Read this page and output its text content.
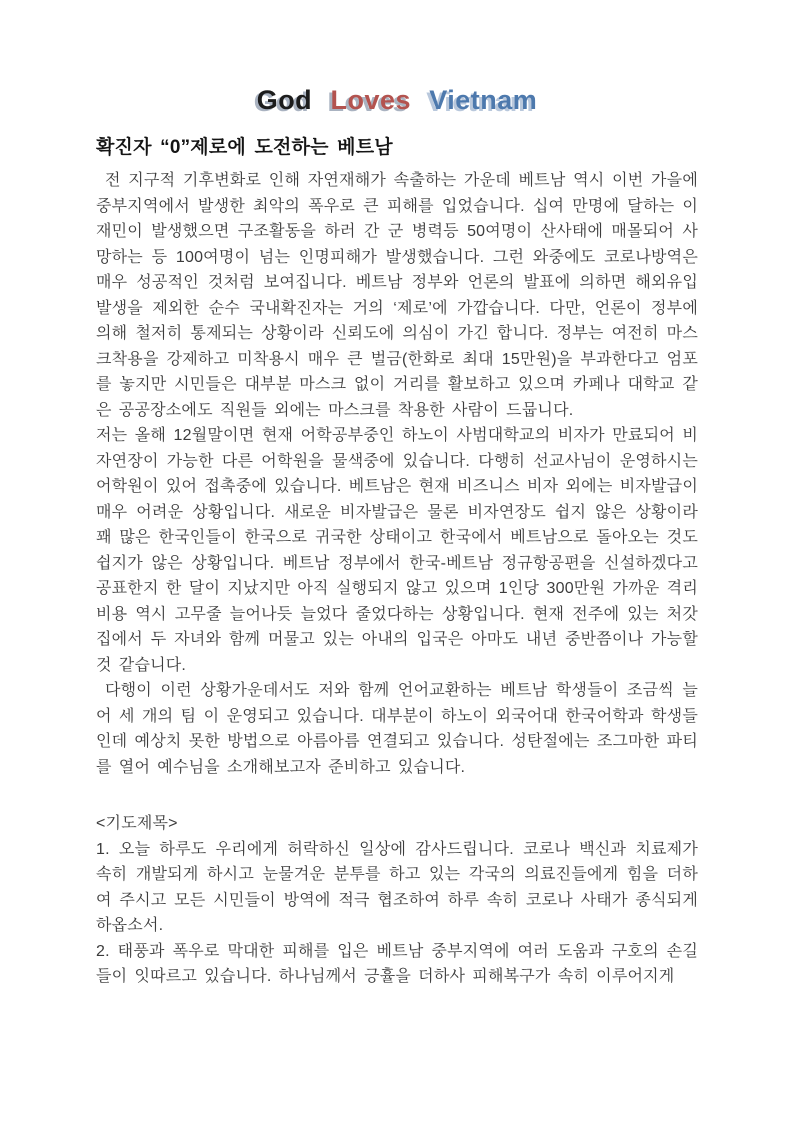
God Loves Vietnam
확진자 “0”제로에 도전하는 베트남

전 지구적 기후변화로 인해 자연재해가 속출하는 가운데 베트남 역시 이번 가을에 중부지역에서 발생한 최악의 폭우로 큰 피해를 입었습니다. 십여 만명에 달하는 이재민이 발생했으면 구조활동을 하러 간 군 병력등 50여명이 산사태에 매몰되어 사망하는 등 100여명이 넘는 인명피해가 발생했습니다. 그런 와중에도 코로나방역은 매우 성공적인 것처럼 보여집니다. 베트남 정부와 언론의 발표에 의하면 해외유입 발생을 제외한 순수 국내확진자는 거의 ‘제로’에 가깝습니다. 다만, 언론이 정부에 의해 철저히 통제되는 상황이라 신뢰도에 의심이 가긴 합니다. 정부는 여전히 마스크착용을 강제하고 미착용시 매우 큰 벌금(한화로 최대 15만원)을 부과한다고 엄포를 놓지만 시민들은 대부분 마스크 없이 거리를 활보하고 있으며 카페나 대학교 같은 공공장소에도 직원들 외에는 마스크를 착용한 사람이 드뭅니다.

저는 올해 12월말이면 현재 어학공부중인 하노이 사범대학교의 비자가 만료되어 비자연장이 가능한 다른 어학원을 물색중에 있습니다. 다행히 선교사님이 운영하시는 어학원이 있어 접촉중에 있습니다. 베트남은 현재 비즈니스 비자 외에는 비자발급이 매우 어려운 상황입니다. 새로운 비자발급은 물론 비자연장도 쉽지 않은 상황이라 꽤 많은 한국인들이 한국으로 귀국한 상태이고 한국에서 베트남으로 돌아오는 것도 쉽지가 않은 상황입니다. 베트남 정부에서 한국-베트남 정규항공편을 신설하겠다고 공표한지 한 달이 지났지만 아직 실행되지 않고 있으며 1인당 300만원 가까운 격리비용 역시 고무줄 늘어나듯 늘었다 줄었다하는 상황입니다. 현재 전주에 있는 처갓집에서 두 자녀와 함께 머물고 있는 아내의 입국은 아마도 내년 중반쯤이나 가능할 것 같습니다.

다행이 이런 상황가운데서도 저와 함께 언어교환하는 베트남 학생들이 조금씩 늘어 세 개의 팀 이 운영되고 있습니다. 대부분이 하노이 외국어대 한국어학과 학생들인데 예상치 못한 방법으로 아름아름 연결되고 있습니다. 성탄절에는 조그마한 파티를 열어 예수님을 소개해보고자 준비하고 있습니다.

<기도제목>

1. 오늘 하루도 우리에게 허락하신 일상에 감사드립니다. 코로나 백신과 치료제가 속히 개발되게 하시고 눈물겨운 분투를 하고 있는 각국의 의료진들에게 힘을 더하여 주시고 모든 시민들이 방역에 적극 협조하여 하루 속히 코로나 사태가 종식되게 하옵소서.

2. 태풍과 폭우로 막대한 피해를 입은 베트남 중부지역에 여러 도움과 구호의 손길들이 잇따르고 있습니다. 하나님께서 긍휼을 더하사 피해복구가 속히 이루어지게
